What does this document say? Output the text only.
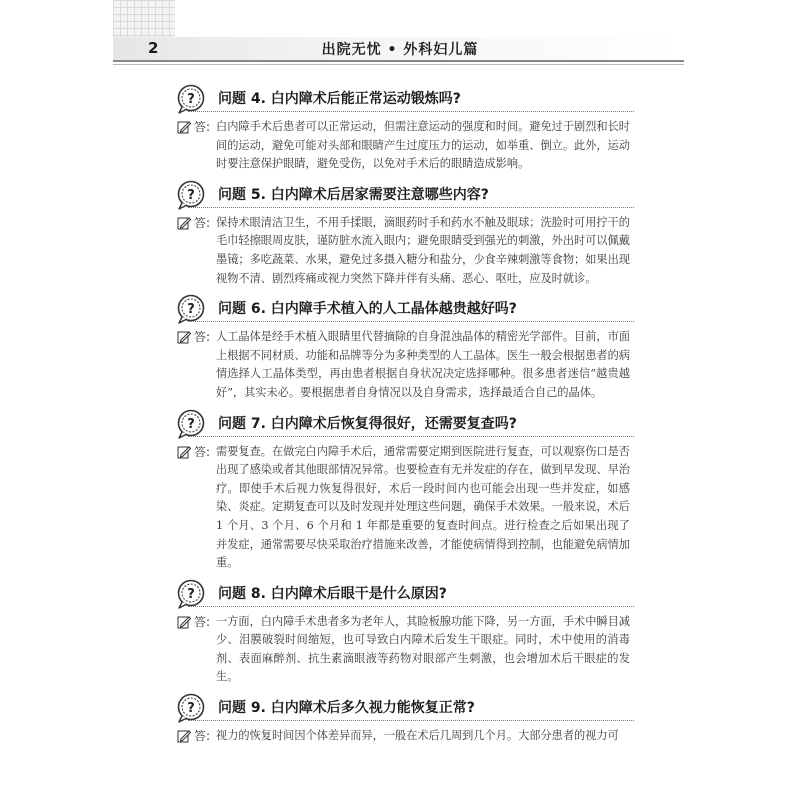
2	出院无忧 • 外科妇儿篇
? 问题 4. 白内障术后能正常运动锻炼吗?
答: 白内障手术后患者可以正常运动，但需注意运动的强度和时间。避免过于剧烈和长时间的运动，避免可能对头部和眼睛产生过度压力的运动，如举重、倒立。此外，运动时要注意保护眼睛，避免受伤，以免对手术后的眼睛造成影响。
? 问题 5. 白内障术后居家需要注意哪些内容?
答: 保持术眼清洁卫生，不用手揉眼，滴眼药时手和药水不触及眼球；洗脸时可用拧干的毛巾轻擦眼周皮肤，谨防脏水流入眼内；避免眼睛受到强光的刺激，外出时可以佩戴墨镜；多吃蔬菜、水果，避免过多摄入糖分和盐分，少食辛辣刺激等食物；如果出现视物不清、剧烈疼痛或视力突然下降并伴有头痛、恶心、呕吐，应及时就诊。
? 问题 6. 白内障手术植入的人工晶体越贵越好吗?
答: 人工晶体是经手术植入眼睛里代替摘除的自身混浊晶体的精密光学部件。目前，市面上根据不同材质、功能和品牌等分为多种类型的人工晶体。医生一般会根据患者的病情选择人工晶体类型，再由患者根据自身状况决定选择哪种。很多患者迷信“越贵越好”，其实未必。要根据患者自身情况以及自身需求，选择最适合自己的晶体。
? 问题 7. 白内障术后恢复得很好，还需要复查吗?
答: 需要复查。在做完白内障手术后，通常需要定期到医院进行复查，可以观察伤口是否出现了感染或者其他眼部情况异常。也要检查有无并发症的存在，做到早发现、早治疗。即使手术后视力恢复得很好，术后一段时间内也可能会出现一些并发症，如感染、炎症。定期复查可以及时发现并处理这些问题，确保手术效果。一般来说，术后 1 个月、3 个月、6 个月和 1 年都是重要的复查时间点。进行检查之后如果出现了并发症，通常需要尽快采取治疗措施来改善，才能使病情得到控制，也能避免病情加重。
? 问题 8. 白内障术后眼干是什么原因?
答: 一方面，白内障手术患者多为老年人，其睑板腺功能下降，另一方面，手术中瞬目减少、泪膜破裂时间缩短，也可导致白内障术后发生干眼症。同时，术中使用的消毒剂、表面麻醉剂、抗生素滴眼液等药物对眼部产生刺激，也会增加术后干眼症的发生。
? 问题 9. 白内障术后多久视力能恢复正常?
答: 视力的恢复时间因个体差异而异，一般在术后几周到几个月。大部分患者的视力可
